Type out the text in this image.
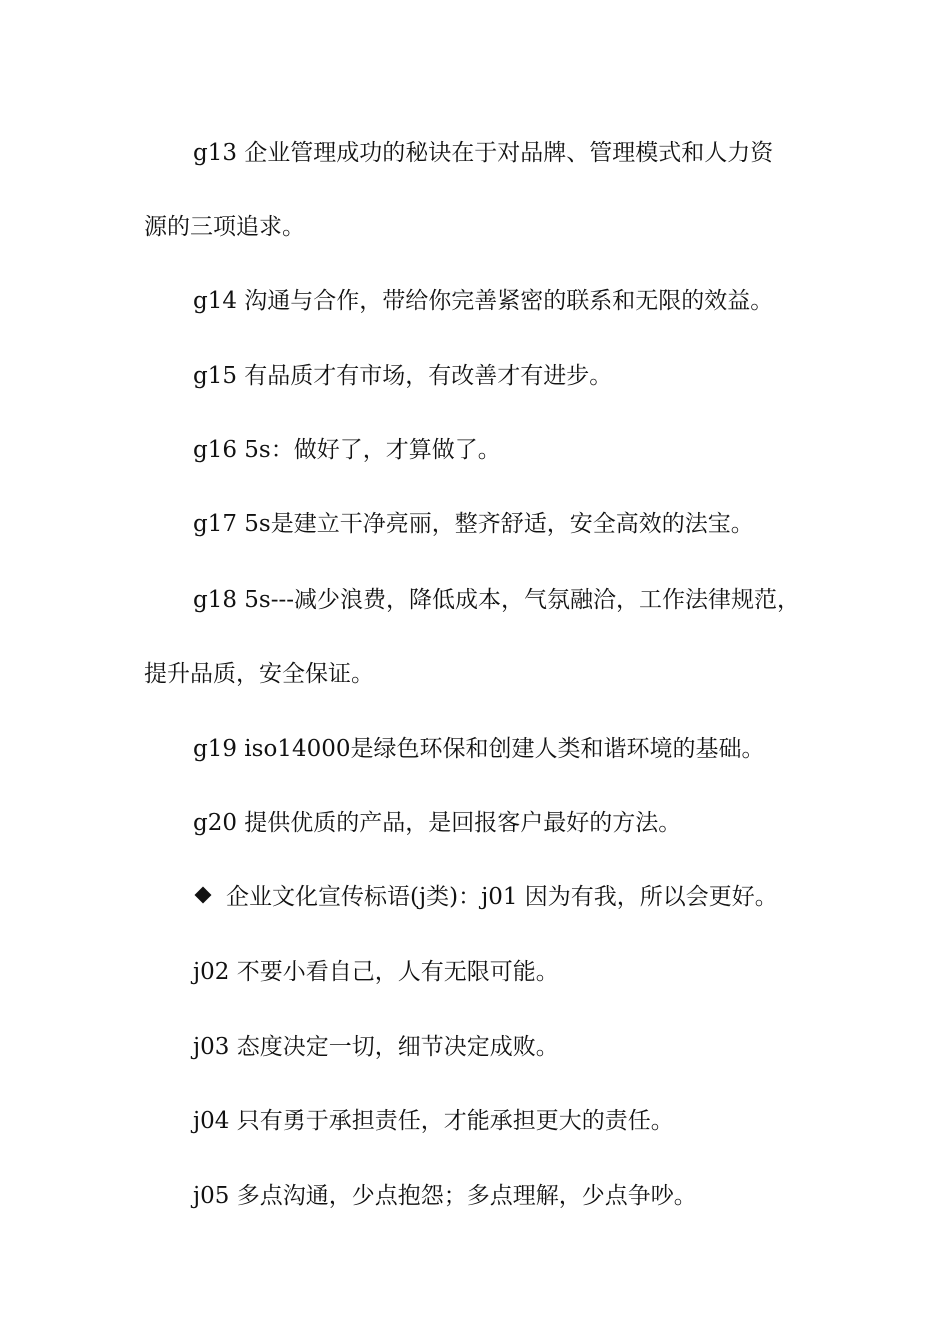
g13 企业管理成功的秘诀在于对品牌、管理模式和人力资
源的三项追求。
g14 沟通与合作，带给你完善紧密的联系和无限的效益。
g15 有品质才有市场，有改善才有进步。
g16 5s：做好了，才算做了。
g17 5s是建立干净亮丽，整齐舒适，安全高效的法宝。
g18 5s---减少浪费，降低成本，气氛融洽，工作法律规范，
提升品质，安全保证。
g19 iso14000是绿色环保和创建人类和谐环境的基础。
g20 提供优质的产品，是回报客户最好的方法。
企业文化宣传标语(j类)：j01 因为有我，所以会更好。
j02 不要小看自己，人有无限可能。
j03 态度决定一切，细节决定成败。
j04 只有勇于承担责任，才能承担更大的责任。
j05 多点沟通，少点抱怨；多点理解，少点争吵。
